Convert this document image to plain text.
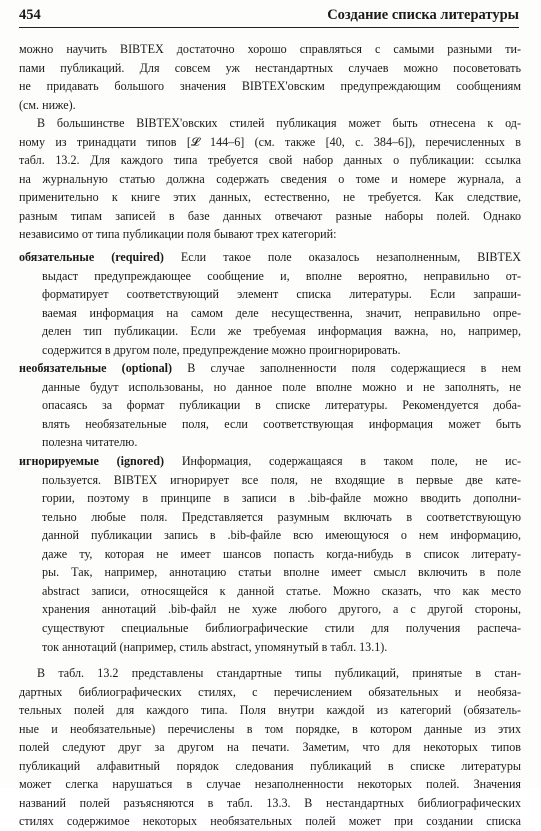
454	Создание списка литературы
можно научить BIBTEX достаточно хорошо справляться с самыми разными ти-
пами публикаций. Для совсем уж нестандартных случаев можно посоветовать
не придавать большого значения BIBTEX'овским предупреждающим сообщениям
(см. ниже).
В большинстве BIBTEX'овских стилей публикация может быть отнесена к од-
ному из тринадцати типов [𝓛 144–6] (см. также [40, с. 384–6]), перечисленных в
табл. 13.2. Для каждого типа требуется свой набор данных о публикации: ссылка
на журнальную статью должна содержать сведения о томе и номере журнала, а
применительно к книге этих данных, естественно, не требуется. Как следствие,
разным типам записей в базе данных отвечают разные наборы полей. Однако
независимо от типа публикации поля бывают трех категорий:
обязательные (required) Если такое поле оказалось незаполненным, BIBTEX
выдаст предупреждающее сообщение и, вполне вероятно, неправильно от-
форматирует соответствующий элемент списка литературы. Если запраши-
ваемая информация на самом деле несущественна, значит, неправильно опре-
делен тип публикации. Если же требуемая информация важна, но, например,
содержится в другом поле, предупреждение можно проигнорировать.
необязательные (optional) В случае заполненности поля содержащиеся в нем
данные будут использованы, но данное поле вполне можно и не заполнять, не
опасаясь за формат публикации в списке литературы. Рекомендуется доба-
влять необязательные поля, если соответствующая информация может быть
полезна читателю.
игнорируемые (ignored) Информация, содержащаяся в таком поле, не ис-
пользуется. BIBTEX игнорирует все поля, не входящие в первые две кате-
гории, поэтому в принципе в записи в .bib-файле можно вводить дополни-
тельно любые поля. Представляется разумным включать в соответствующую
данной публикации запись в .bib-файле всю имеющуюся о нем информацию,
даже ту, которая не имеет шансов попасть когда-нибудь в список литерату-
ры. Так, например, аннотацию статьи вполне имеет смысл включить в поле
abstract записи, относящейся к данной статье. Можно сказать, что как место
хранения аннотаций .bib-файл не хуже любого другого, а с другой стороны,
существуют специальные библиографические стили для получения распеча-
ток аннотаций (например, стиль abstract, упомянутый в табл. 13.1).
В табл. 13.2 представлены стандартные типы публикаций, принятые в стан-
дартных библиографических стилях, с перечислением обязательных и необяза-
тельных полей для каждого типа. Поля внутри каждой из категорий (обязатель-
ные и необязательные) перечислены в том порядке, в котором данные из этих
полей следуют друг за другом на печати. Заметим, что для некоторых типов
публикаций алфавитный порядок следования публикаций в списке литературы
может слегка нарушаться в случае незаполненности некоторых полей. Значения
названий полей разъясняются в табл. 13.3. В нестандартных библиографических
стилях содержимое некоторых необязательных полей может при создании списка
